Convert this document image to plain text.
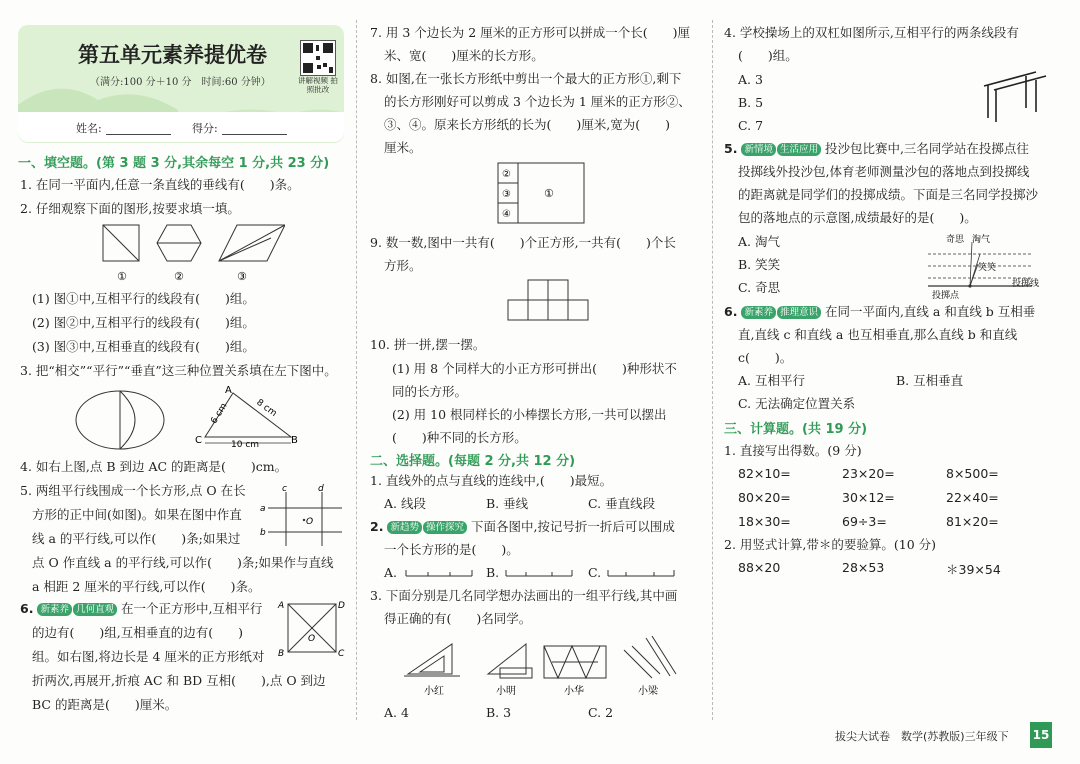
第五单元素养提优卷
（满分:100 分＋10 分　时间:60 分钟）	讲解视频 拍照批改
姓名:	得分:
一、填空题。(第 3 题 3 分,其余每空 1 分,共 23 分)
1. 在同一平面内,任意一条直线的垂线有(　　)条。
2. 仔细观察下面的图形,按要求填一填。
①	②	③
(1) 图①中,互相平行的线段有(　　)组。
(2) 图②中,互相平行的线段有(　　)组。
(3) 图③中,互相垂直的线段有(　　)组。
3. 把“相交”“平行”“垂直”这三种位置关系填在左下图中。
A
C	B
6 cm	8 cm
10 cm
4. 如右上图,点 B 到边 AC 的距离是(　　)cm。
5. 两组平行线围成一个长方形,点 O 在长
方形的正中间(如图)。如果在图中作直
线 a 的平行线,可以作(　　)条;如果过
点 O 作直线 a 的平行线,可以作(　　)条;如果作与直线
a 相距 2 厘米的平行线,可以作(　　)条。
c	d
a
b
O
6. 新素养 几何直观 在一个正方形中,互相平行
的边有(　　)组,互相垂直的边有(　　)
组。如右图,将边长是 4 厘米的正方形纸对
折两次,再展开,折痕 AC 和 BD 互相(　　),点 O 到边
BC 的距离是(　　)厘米。
A	D
B	C
O
7. 用 3 个边长为 2 厘米的正方形可以拼成一个长(　　)厘
米、宽(　　)厘米的长方形。
8. 如图,在一张长方形纸中剪出一个最大的正方形①,剩下
的长方形刚好可以剪成 3 个边长为 1 厘米的正方形②、
③、④。原来长方形纸的长为(　　)厘米,宽为(　　)
厘米。
②
③
④
①
9. 数一数,图中一共有(　　)个正方形,一共有(　　)个长
方形。
10. 拼一拼,摆一摆。
(1) 用 8 个同样大的小正方形可拼出(　　)种形状不
同的长方形。
(2) 用 10 根同样长的小棒摆长方形,一共可以摆出
(　　)种不同的长方形。
二、选择题。(每题 2 分,共 12 分)
1. 直线外的点与直线的连线中,(　　)最短。
A. 线段	B. 垂线	C. 垂直线段
2. 新趋势 操作探究 下面各图中,按记号折一折后可以围成
一个长方形的是(　　)。
A.	B.	C.
3. 下面分别是几名同学想办法画出的一组平行线,其中画
得正确的有(　　)名同学。
小红	小明	小华	小梁
A. 4	B. 3	C. 2
4. 学校操场上的双杠如图所示,互相平行的两条线段有
(　　)组。
A. 3
B. 5
C. 7
5. 新情境 生活应用 投沙包比赛中,三名同学站在投掷点往
投掷线外投沙包,体育老师测量沙包的落地点到投掷线
的距离就是同学们的投掷成绩。下面是三名同学投掷沙
包的落地点的示意图,成绩最好的是(　　)。
A. 淘气
B. 笑笑
C. 奇思
奇思 淘气
笑笑
投掷线
投掷点
6. 新素养 推理意识 在同一平面内,直线 a 和直线 b 互相垂
直,直线 c 和直线 a 也互相垂直,那么直线 b 和直线
c(　　)。
A. 互相平行	B. 互相垂直
C. 无法确定位置关系
三、计算题。(共 19 分)
1. 直接写出得数。(9 分)
82×10=	23×20=	8×500=
80×20=	30×12=	22×40=
18×30=	69÷3=	81×20=
2. 用竖式计算,带＊的要验算。(10 分)
88×20	28×53	＊39×54
拔尖大试卷　数学(苏教版)三年级下 15
